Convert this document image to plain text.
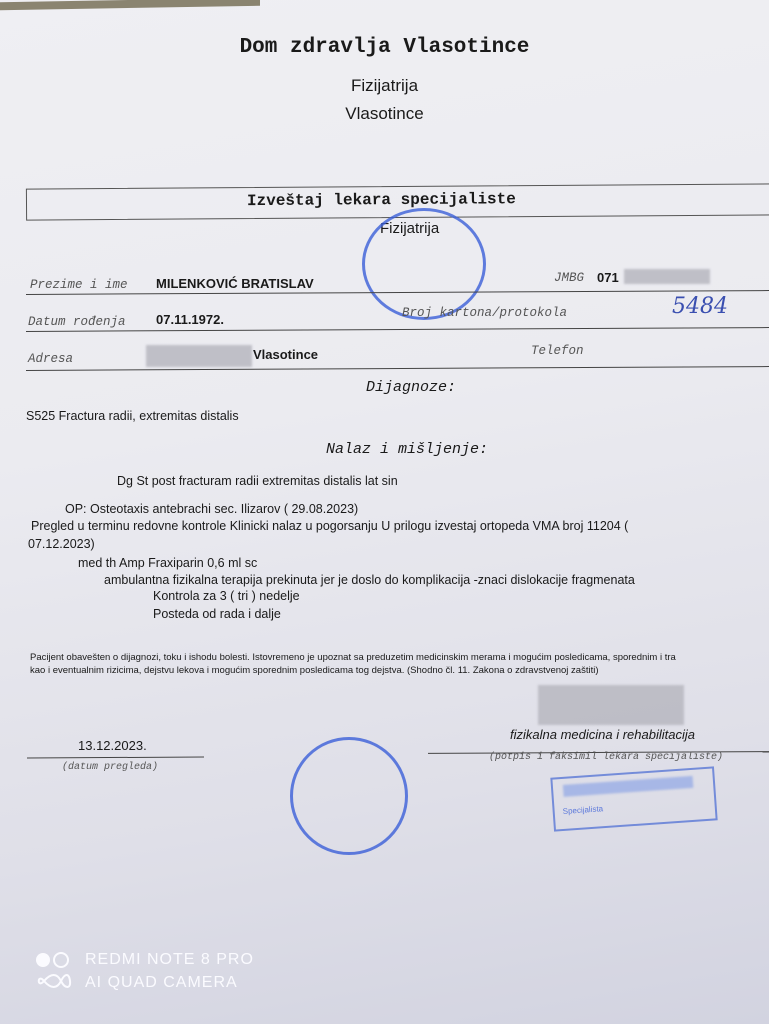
Dom zdravlja Vlasotince
Fizijatrija
Vlasotince
Izveštaj lekara specijaliste
Fizijatrija
Prezime i ime MILENKOVIĆ BRATISLAV	JMBG 071
Datum rođenja 07.11.1972.	Broj kartona/protokola	5484
Adresa	Vlasotince	Telefon
Dijagnoze:
S525 Fractura radii, extremitas distalis
Nalaz i mišljenje:
Dg St post fracturam radii extremitas distalis lat sin
OP: Osteotaxis antebrachi sec. Ilizarov ( 29.08.2023)
Pregled u terminu redovne kontrole Klinicki nalaz u pogorsanju U prilogu izvestaj ortopeda VMA broj 11204 (
07.12.2023)
med th Amp Fraxiparin 0,6 ml sc
ambulantna fizikalna terapija prekinuta jer je doslo do komplikacija -znaci dislokacije fragmenata
Kontrola za 3 ( tri ) nedelje
Posteda od rada i dalje
Pacijent obavešten o dijagnozi, toku i ishodu bolesti. Istovremeno je upoznat sa preduzetim medicinskim merama i mogućim posledicama, sporednim i tra
kao i eventualnim rizicima, dejstvu lekova i mogućim sporednim posledicama tog dejstva. (Shodno čl. 11. Zakona o zdravstvenoj zaštiti)
13.12.2023.
(datum pregleda)
fizikalna medicina i rehabilitacija
(potpis i faksimil lekara specijaliste)
Specijalista
REDMI NOTE 8 PRO
AI QUAD CAMERA
